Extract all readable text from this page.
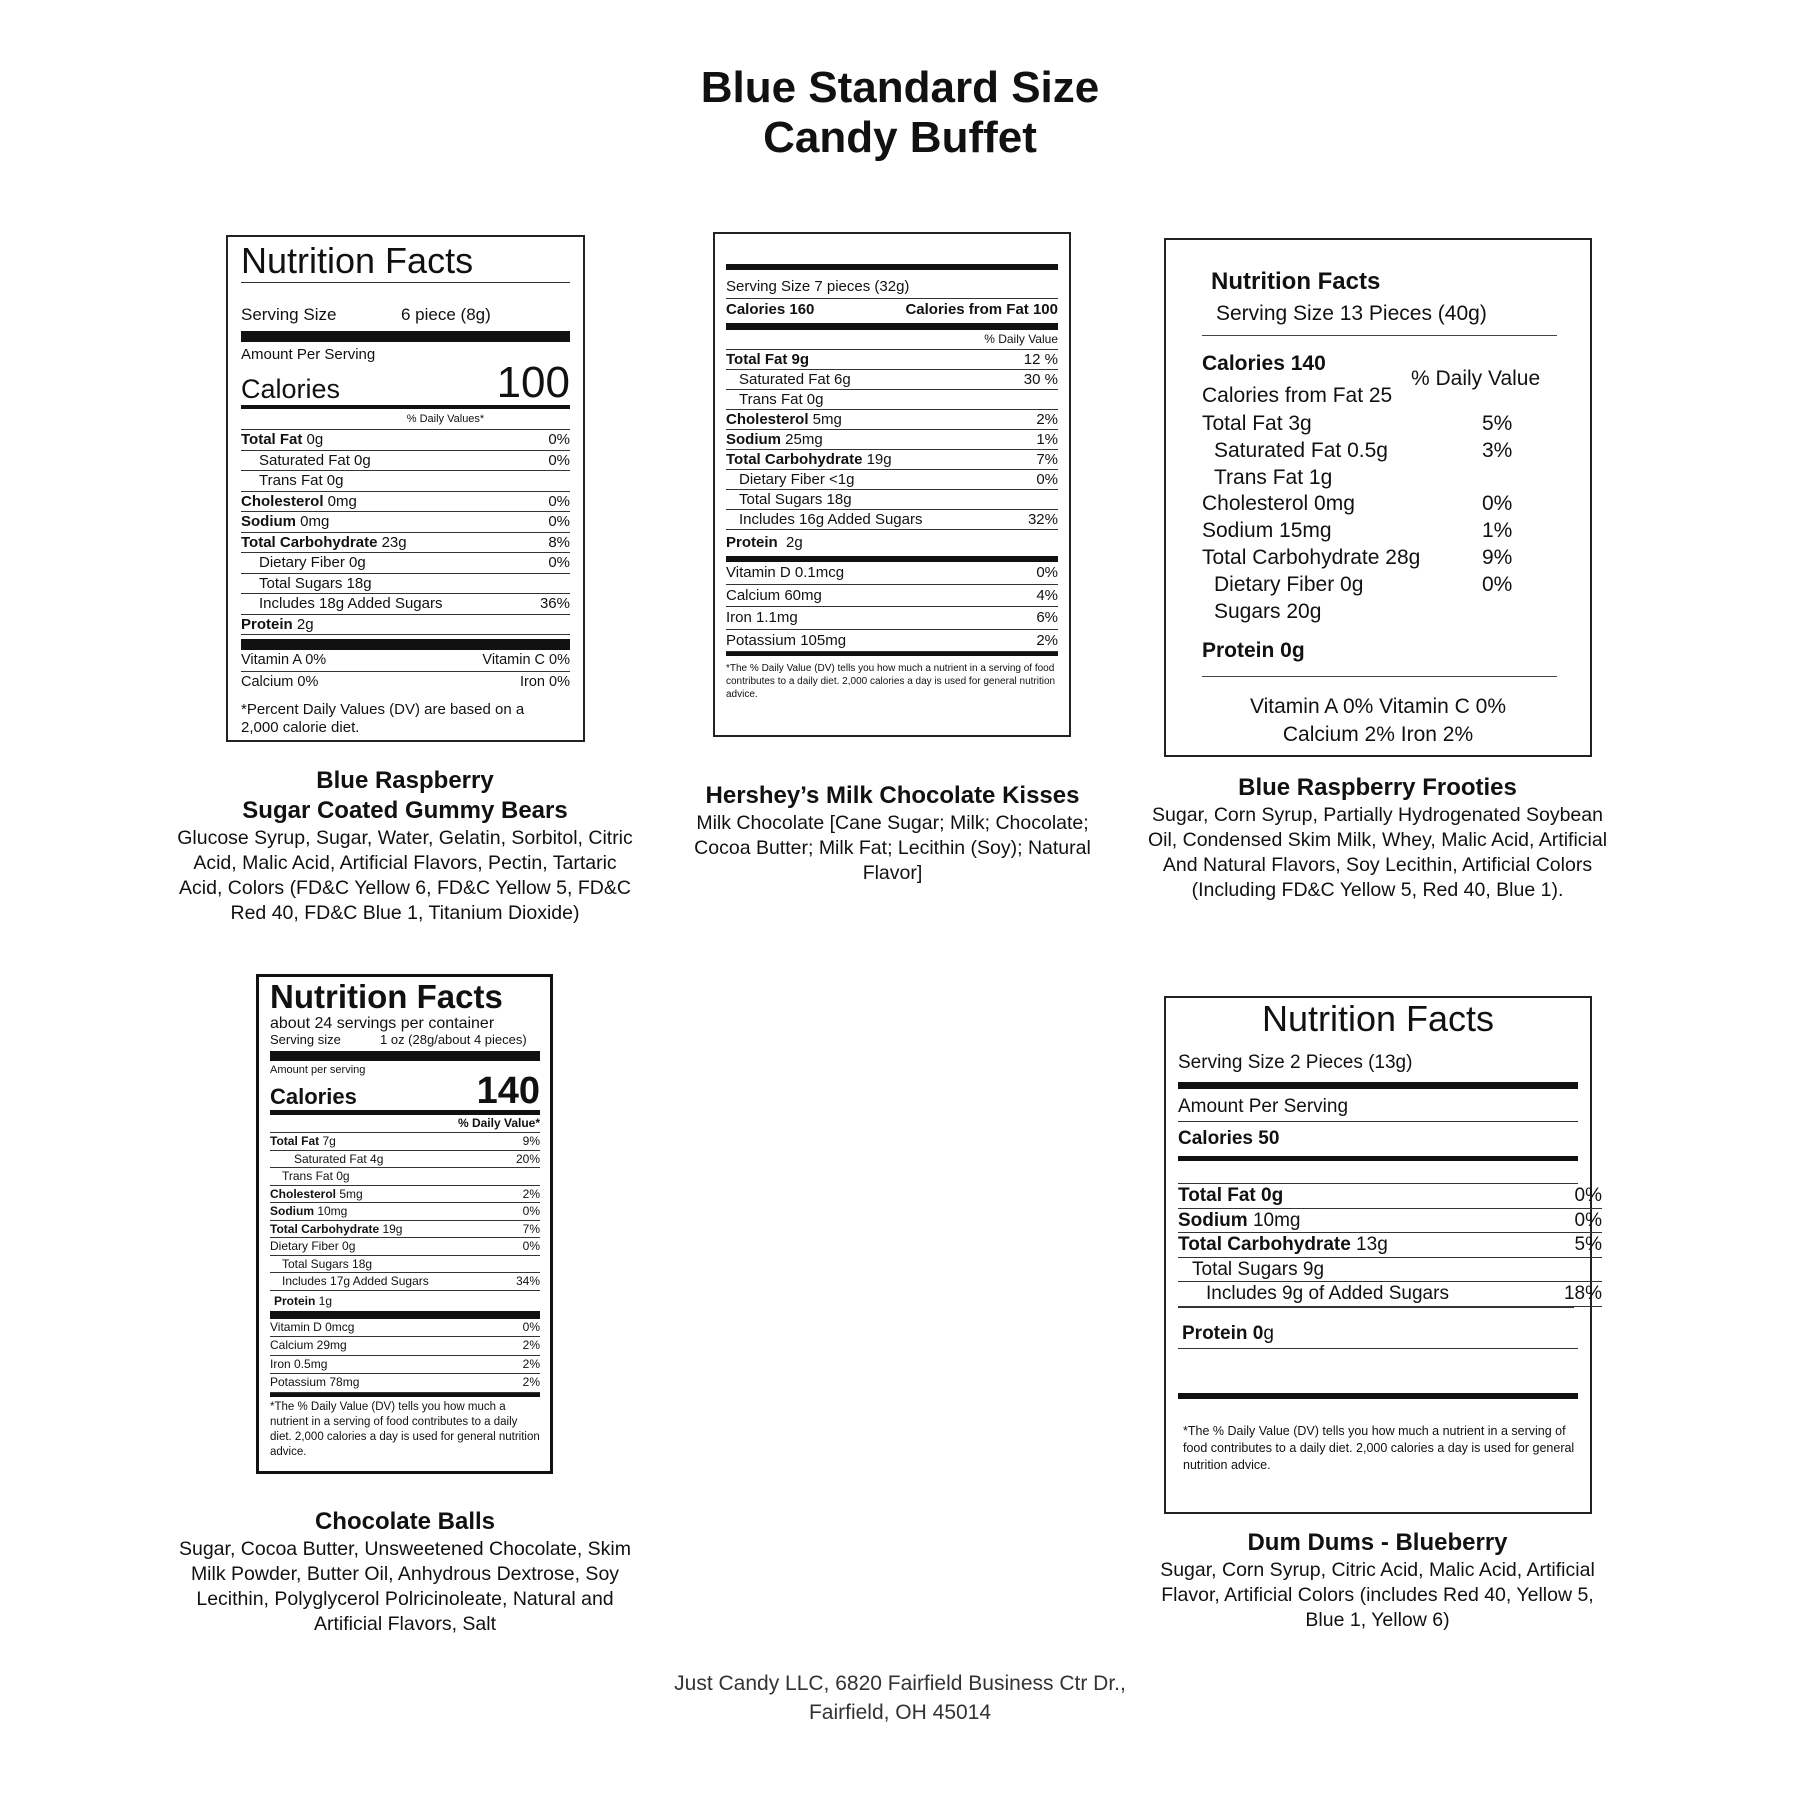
Blue Standard Size
Candy Buffet
Nutrition Facts
Serving Size	6 piece (8g)
Amount Per Serving
Calories	100
% Daily Values*
Total Fat 0g	0%
Saturated Fat 0g	0%
Trans Fat 0g
Cholesterol 0mg	0%
Sodium 0mg	0%
Total Carbohydrate 23g	8%
Dietary Fiber 0g	0%
Total Sugars 18g
Includes 18g Added Sugars	36%
Protein 2g
Vitamin A 0%	Vitamin C 0%
Calcium 0%	Iron 0%
*Percent Daily Values (DV) are based on a 2,000 calorie diet.
Blue Raspberry
Sugar Coated Gummy Bears
Glucose Syrup, Sugar, Water, Gelatin, Sorbitol, Citric Acid, Malic Acid, Artificial Flavors, Pectin, Tartaric Acid, Colors (FD&C Yellow 6, FD&C Yellow 5, FD&C Red 40, FD&C Blue 1, Titanium Dioxide)
Serving Size 7 pieces (32g)
Calories 160	Calories from Fat 100
% Daily Value
Total Fat 9g	12 %
Saturated Fat 6g	30 %
Trans Fat 0g
Cholesterol 5mg	2%
Sodium 25mg	1%
Total Carbohydrate 19g	7%
Dietary Fiber <1g	0%
Total Sugars 18g
Includes 16g Added Sugars	32%
Protein 2g
Vitamin D 0.1mcg	0%
Calcium 60mg	4%
Iron 1.1mg	6%
Potassium 105mg	2%
*The % Daily Value (DV) tells you how much a nutrient in a serving of food contributes to a daily diet. 2,000 calories a day is used for general nutrition advice.
Hershey’s Milk Chocolate Kisses
Milk Chocolate [Cane Sugar; Milk; Chocolate; Cocoa Butter; Milk Fat; Lecithin (Soy); Natural Flavor]
Nutrition Facts
Serving Size 13 Pieces (40g)
Calories 140
% Daily Value
Calories from Fat 25
Total Fat 3g	5%
Saturated Fat 0.5g	3%
Trans Fat 1g
Cholesterol 0mg	0%
Sodium 15mg	1%
Total Carbohydrate 28g	9%
Dietary Fiber 0g	0%
Sugars 20g
Protein 0g
Vitamin A 0% Vitamin C 0%
Calcium 2% Iron 2%
Blue Raspberry Frooties
Sugar, Corn Syrup, Partially Hydrogenated Soybean Oil, Condensed Skim Milk, Whey, Malic Acid, Artificial And Natural Flavors, Soy Lecithin, Artificial Colors (Including FD&C Yellow 5, Red 40, Blue 1).
Nutrition Facts
about 24 servings per container
Serving size	1 oz (28g/about 4 pieces)
Amount per serving
Calories	140
% Daily Value*
Total Fat 7g	9%
Saturated Fat 4g	20%
Trans Fat 0g
Cholesterol 5mg	2%
Sodium 10mg	0%
Total Carbohydrate 19g	7%
Dietary Fiber 0g	0%
Total Sugars 18g
Includes 17g Added Sugars	34%
Protein 1g
Vitamin D 0mcg	0%
Calcium 29mg	2%
Iron 0.5mg	2%
Potassium 78mg	2%
*The % Daily Value (DV) tells you how much a nutrient in a serving of food contributes to a daily diet. 2,000 calories a day is used for general nutrition advice.
Chocolate Balls
Sugar, Cocoa Butter, Unsweetened Chocolate, Skim Milk Powder, Butter Oil, Anhydrous Dextrose, Soy Lecithin, Polyglycerol Polricinoleate, Natural and Artificial Flavors, Salt
Nutrition Facts
Serving Size 2 Pieces (13g)
Amount Per Serving
Calories 50
Total Fat 0g	0%
Sodium 10mg	0%
Total Carbohydrate 13g	5%
Total Sugars 9g
Includes 9g of Added Sugars	18%
Protein 0g
*The % Daily Value (DV) tells you how much a nutrient in a serving of food contributes to a daily diet. 2,000 calories a day is used for general nutrition advice.
Dum Dums - Blueberry
Sugar, Corn Syrup, Citric Acid, Malic Acid, Artificial Flavor, Artificial Colors (includes Red 40, Yellow 5, Blue 1, Yellow 6)
Just Candy LLC, 6820 Fairfield Business Ctr Dr.,
Fairfield, OH 45014
